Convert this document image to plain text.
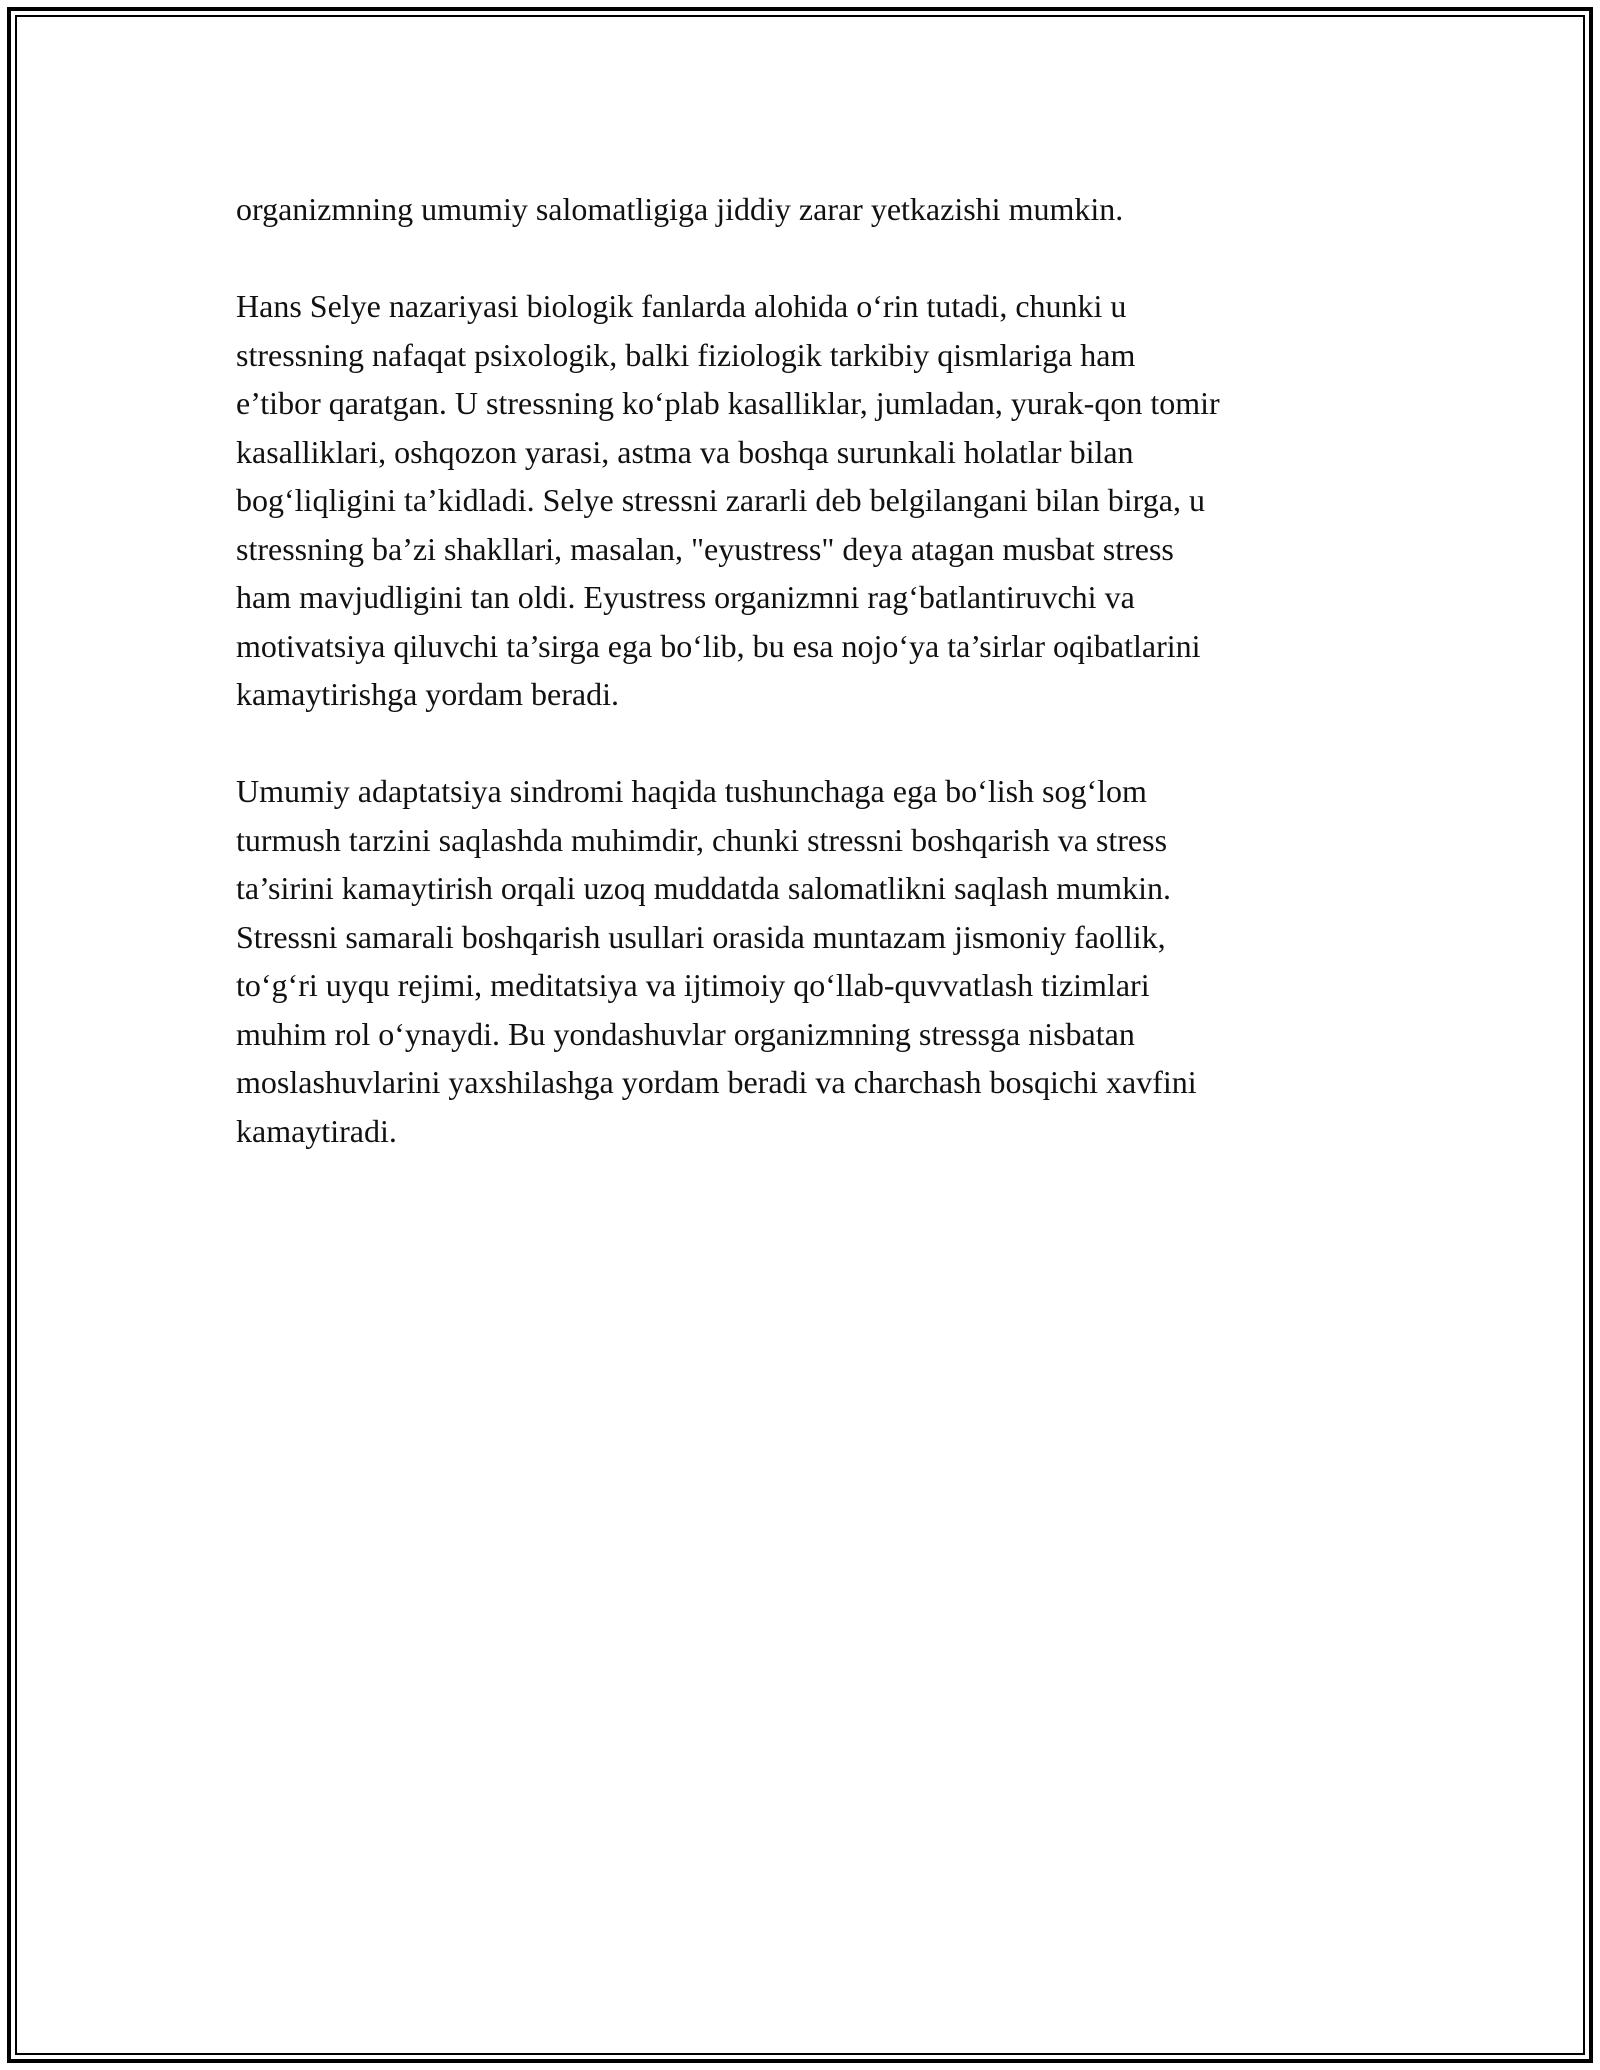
organizmning umumiy salomatligiga jiddiy zarar yetkazishi mumkin.

Hans Selye nazariyasi biologik fanlarda alohida o‘rin tutadi, chunki u
stressning nafaqat psixologik, balki fiziologik tarkibiy qismlariga ham
e’tibor qaratgan. U stressning ko‘plab kasalliklar, jumladan, yurak-qon tomir
kasalliklari, oshqozon yarasi, astma va boshqa surunkali holatlar bilan
bog‘liqligini ta’kidladi. Selye stressni zararli deb belgilangani bilan birga, u
stressning ba’zi shakllari, masalan, "eyustress" deya atagan musbat stress
ham mavjudligini tan oldi. Eyustress organizmni rag‘batlantiruvchi va
motivatsiya qiluvchi ta’sirga ega bo‘lib, bu esa nojo‘ya ta’sirlar oqibatlarini
kamaytirishga yordam beradi.

Umumiy adaptatsiya sindromi haqida tushunchaga ega bo‘lish sog‘lom
turmush tarzini saqlashda muhimdir, chunki stressni boshqarish va stress
ta’sirini kamaytirish orqali uzoq muddatda salomatlikni saqlash mumkin.
Stressni samarali boshqarish usullari orasida muntazam jismoniy faollik,
to‘g‘ri uyqu rejimi, meditatsiya va ijtimoiy qo‘llab-quvvatlash tizimlari
muhim rol o‘ynaydi. Bu yondashuvlar organizmning stressga nisbatan
moslashuvlarini yaxshilashga yordam beradi va charchash bosqichi xavfini
kamaytiradi.
